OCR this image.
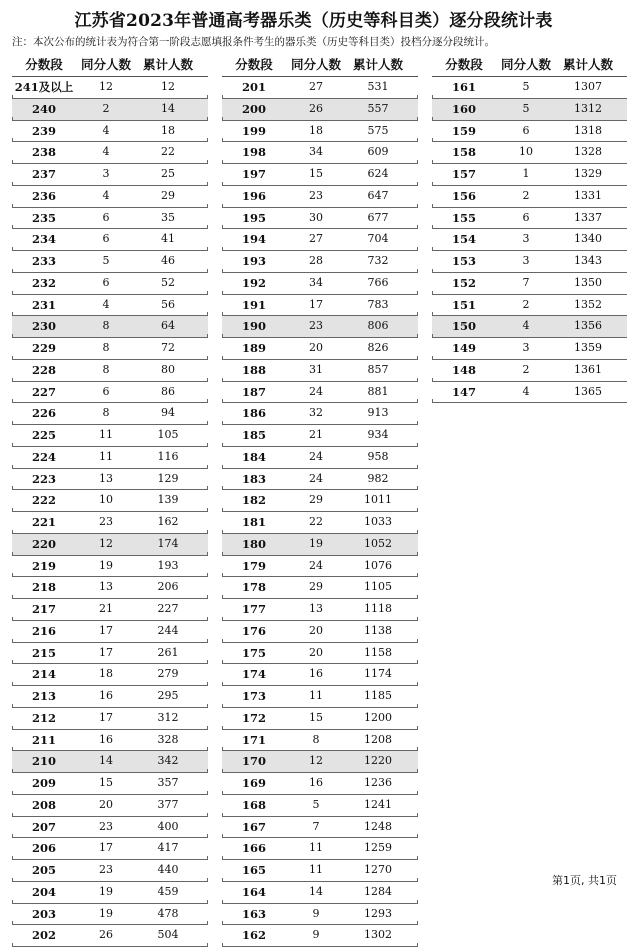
江苏省2023年普通高考器乐类（历史等科目类）逐分段统计表
注：本次公布的统计表为符合第一阶段志愿填报条件考生的器乐类（历史等科目类）投档分逐分段统计。
分数段	同分人数 累计人数
241及以上	12	12
240	2	14
239	4	18
238	4	22
237	3	25
236	4	29
235	6	35
234	6	41
233	5	46
232	6	52
231	4	56
230	8	64
229	8	72
228	8	80
227	6	86
226	8	94
225	11	105
224	11	116
223	13	129
222	10	139
221	23	162
220	12	174
219	19	193
218	13	206
217	21	227
216	17	244
215	17	261
214	18	279
213	16	295
212	17	312
211	16	328
210	14	342
209	15	357
208	20	377
207	23	400
206	17	417
205	23	440
204	19	459
203	19	478
202	26	504
分数段	同分人数 累计人数
201	27	531
200	26	557
199	18	575
198	34	609
197	15	624
196	23	647
195	30	677
194	27	704
193	28	732
192	34	766
191	17	783
190	23	806
189	20	826
188	31	857
187	24	881
186	32	913
185	21	934
184	24	958
183	24	982
182	29	1011
181	22	1033
180	19	1052
179	24	1076
178	29	1105
177	13	1118
176	20	1138
175	20	1158
174	16	1174
173	11	1185
172	15	1200
171	8	1208
170	12	1220
169	16	1236
168	5	1241
167	7	1248
166	11	1259
165	11	1270
164	14	1284
163	9	1293
162	9	1302
分数段	同分人数 累计人数
161	5	1307
160	5	1312
159	6	1318
158	10	1328
157	1	1329
156	2	1331
155	6	1337
154	3	1340
153	3	1343
152	7	1350
151	2	1352
150	4	1356
149	3	1359
148	2	1361
147	4	1365
第1页, 共1页
